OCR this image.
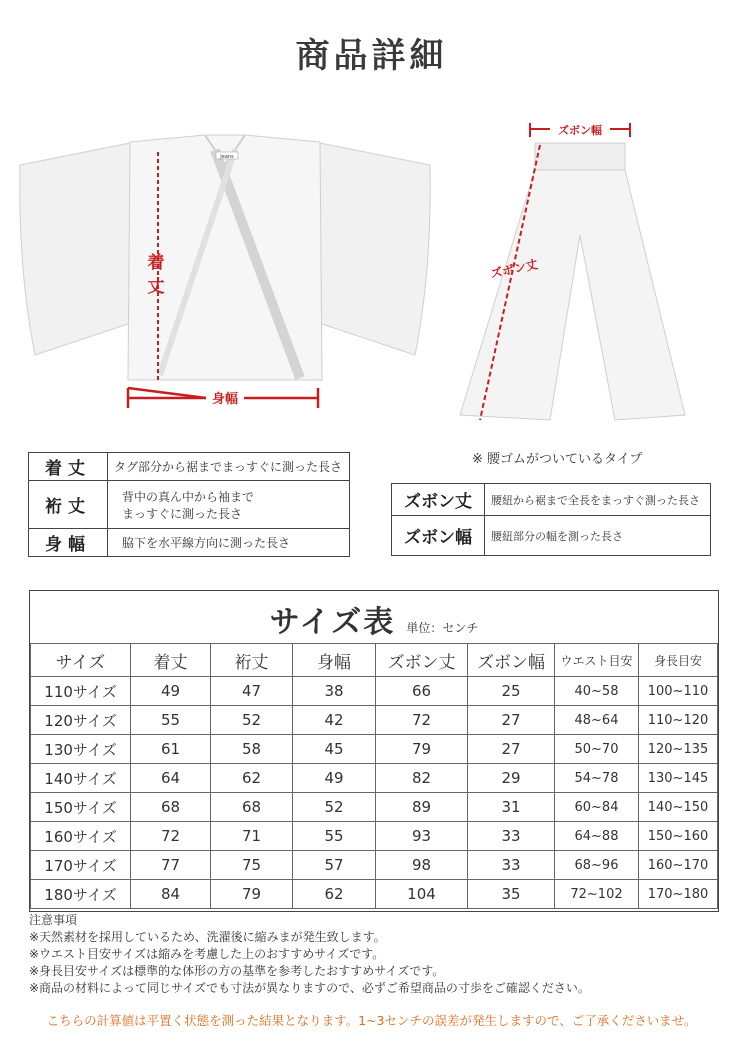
商品詳細
Jeans
着
丈
身幅
ズボン幅
ズボン丈
※ 腰ゴムがついているタイプ
着丈	タグ部分から裾までまっすぐに測った長さ
裄丈	背中の真ん中から袖まで
まっすぐに測った長さ

身幅	脇下を水平線方向に測った長さ
ズボン丈	腰紐から裾まで全長をまっすぐ測った長さ
ズボン幅	腰紐部分の幅を測った長さ
サイズ表 単位：センチ
サイズ	着丈	裄丈	身幅	ズボン丈	ズボン幅	ウエスト目安	身長目安
110サイズ	49	47	38	66	25	40~58	100~110
120サイズ	55	52	42	72	27	48~64	110~120
130サイズ	61	58	45	79	27	50~70	120~135
140サイズ	64	62	49	82	29	54~78	130~145
150サイズ	68	68	52	89	31	60~84	140~150
160サイズ	72	71	55	93	33	64~88	150~160
170サイズ	77	75	57	98	33	68~96	160~170
180サイズ	84	79	62	104	35	72~102	170~180
注意事項
※天然素材を採用しているため、洗濯後に縮みまが発生致します。
※ウエスト目安サイズは縮みを考慮した上のおすすめサイズです。
※身長目安サイズは標準的な体形の方の基準を参考したおすすめサイズです。
※商品の材料によって同じサイズでも寸法が異なりますので、必ずご希望商品の寸歩をご確認ください。
こちらの計算値は平置く状態を測った結果となります。1~3センチの誤差が発生しますので、ご了承くださいませ。
